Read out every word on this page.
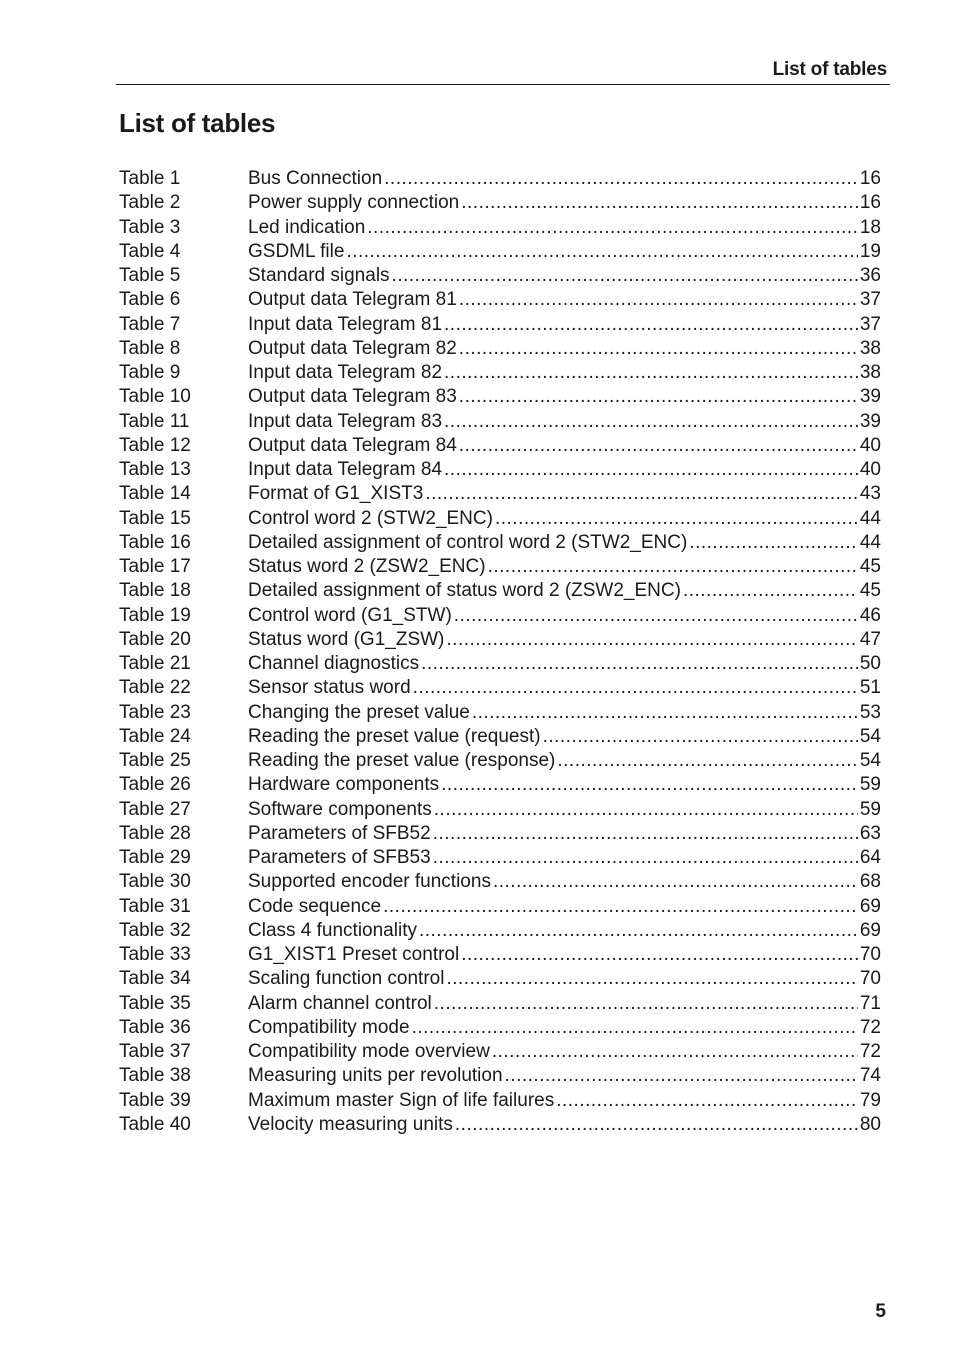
List of tables
List of tables
Table 1	Bus Connection .....	16
Table 2	Power supply connection .....	16
Table 3	Led indication .....	18
Table 4	GSDML file .....	19
Table 5	Standard signals .....	36
Table 6	Output data Telegram 81 .....	37
Table 7	Input data Telegram 81 .....	37
Table 8	Output data Telegram 82 .....	38
Table 9	Input data Telegram 82 .....	38
Table 10	Output data Telegram 83 .....	39
Table 11	Input data Telegram 83 .....	39
Table 12	Output data Telegram 84 .....	40
Table 13	Input data Telegram 84 .....	40
Table 14	Format of G1_XIST3 .....	43
Table 15	Control word 2 (STW2_ENC) .....	44
Table 16	Detailed assignment of control word 2 (STW2_ENC) .....	44
Table 17	Status word 2 (ZSW2_ENC) .....	45
Table 18	Detailed assignment of status word 2 (ZSW2_ENC) .....	45
Table 19	Control word (G1_STW) .....	46
Table 20	Status word (G1_ZSW) .....	47
Table 21	Channel diagnostics .....	50
Table 22	Sensor status word .....	51
Table 23	Changing the preset value .....	53
Table 24	Reading the preset value (request) .....	54
Table 25	Reading the preset value (response) .....	54
Table 26	Hardware components .....	59
Table 27	Software components .....	59
Table 28	Parameters of SFB52 .....	63
Table 29	Parameters of SFB53 .....	64
Table 30	Supported encoder functions .....	68
Table 31	Code sequence .....	69
Table 32	Class 4 functionality .....	69
Table 33	G1_XIST1 Preset control .....	70
Table 34	Scaling function control .....	70
Table 35	Alarm channel control .....	71
Table 36	Compatibility mode .....	72
Table 37	Compatibility mode overview .....	72
Table 38	Measuring units per revolution .....	74
Table 39	Maximum master Sign of life failures .....	79
Table 40	Velocity measuring units .....	80
5
